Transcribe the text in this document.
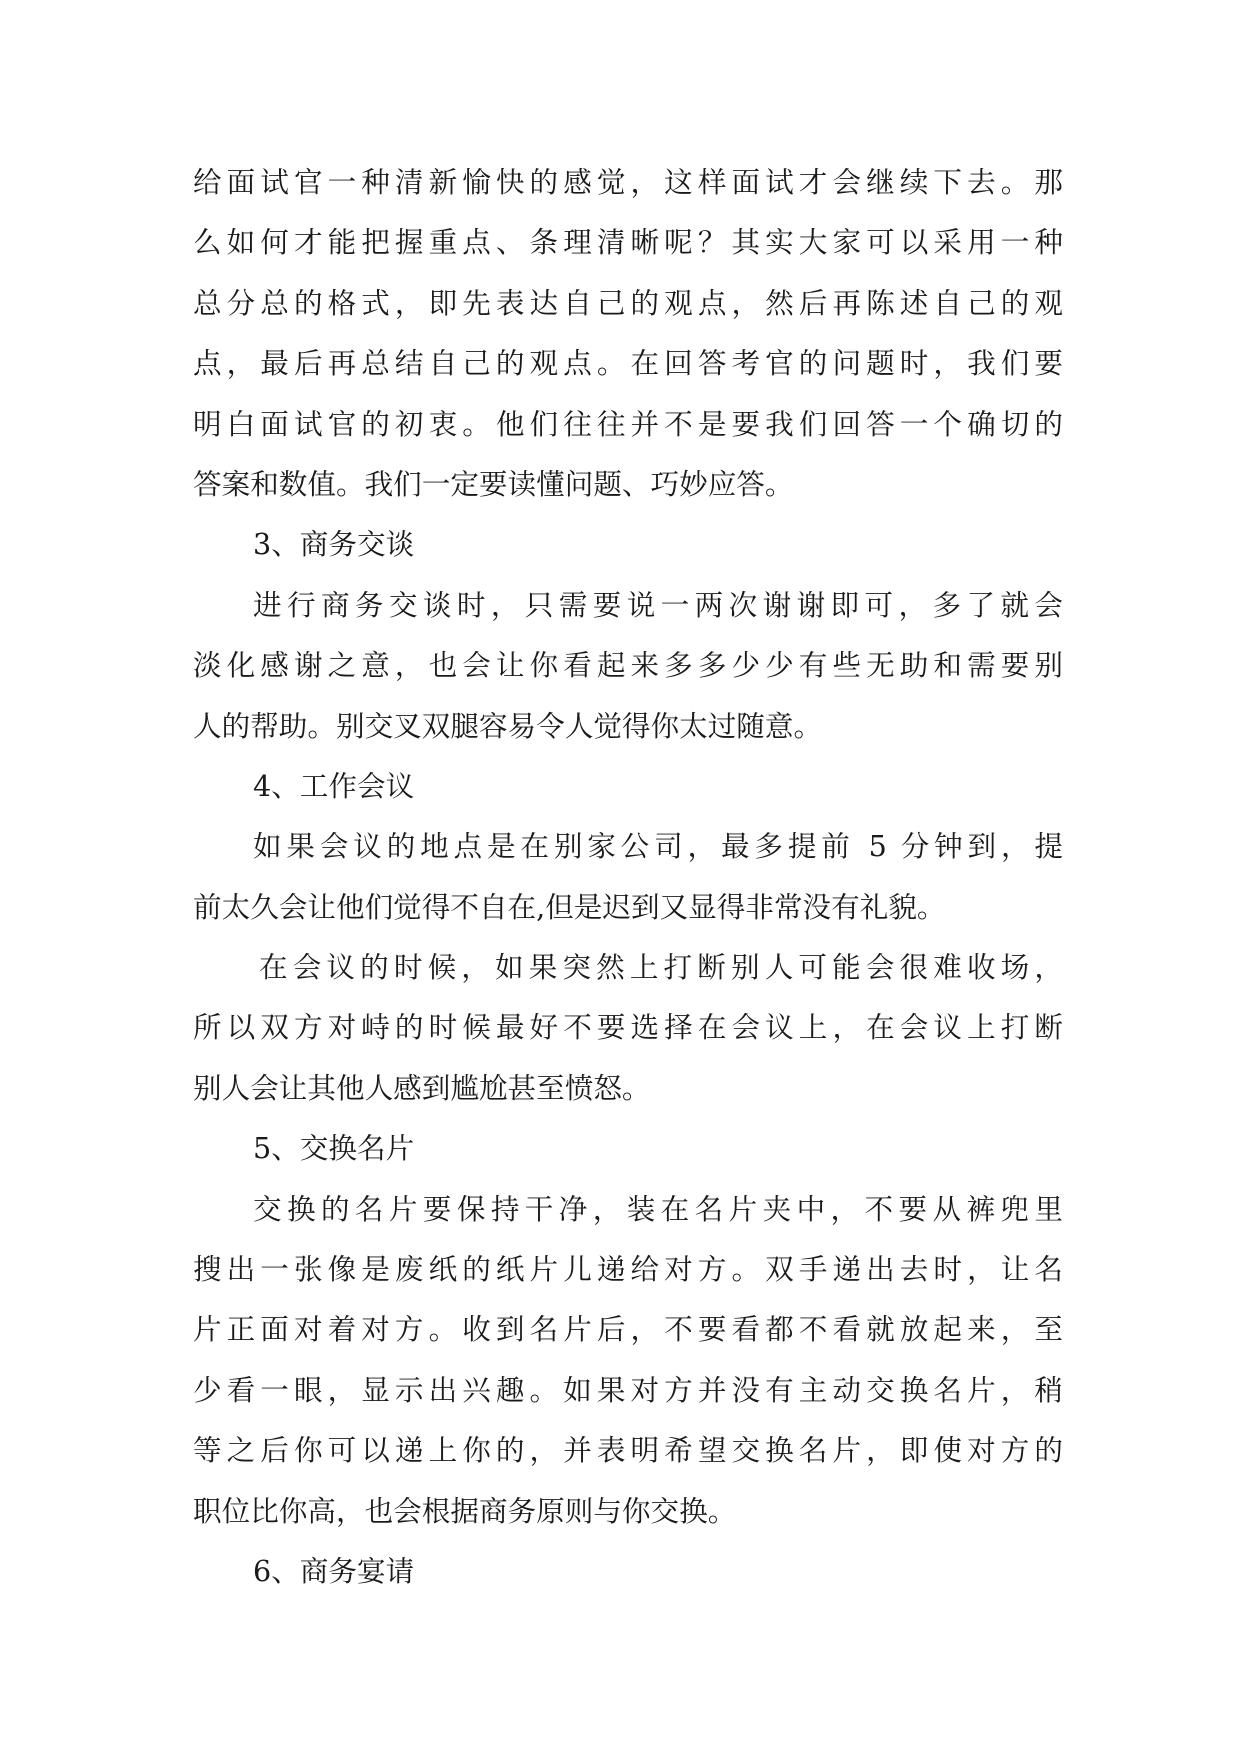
给面试官一种清新愉快的感觉，这样面试才会继续下去。那
么如何才能把握重点、条理清晰呢？其实大家可以采用一种
总分总的格式，即先表达自己的观点，然后再陈述自己的观
点，最后再总结自己的观点。在回答考官的问题时，我们要
明白面试官的初衷。他们往往并不是要我们回答一个确切的
答案和数值。我们一定要读懂问题、巧妙应答。
3、商务交谈
进行商务交谈时，只需要说一两次谢谢即可，多了就会
淡化感谢之意，也会让你看起来多多少少有些无助和需要别
人的帮助。别交叉双腿容易令人觉得你太过随意。
4、工作会议
如果会议的地点是在别家公司，最多提前 5 分钟到，提
前太久会让他们觉得不自在,但是迟到又显得非常没有礼貌。
在会议的时候，如果突然上打断别人可能会很难收场，
所以双方对峙的时候最好不要选择在会议上，在会议上打断
别人会让其他人感到尴尬甚至愤怒。
5、交换名片
交换的名片要保持干净，装在名片夹中，不要从裤兜里
搜出一张像是废纸的纸片儿递给对方。双手递出去时，让名
片正面对着对方。收到名片后，不要看都不看就放起来，至
少看一眼，显示出兴趣。如果对方并没有主动交换名片，稍
等之后你可以递上你的，并表明希望交换名片，即使对方的
职位比你高，也会根据商务原则与你交换。
6、商务宴请
